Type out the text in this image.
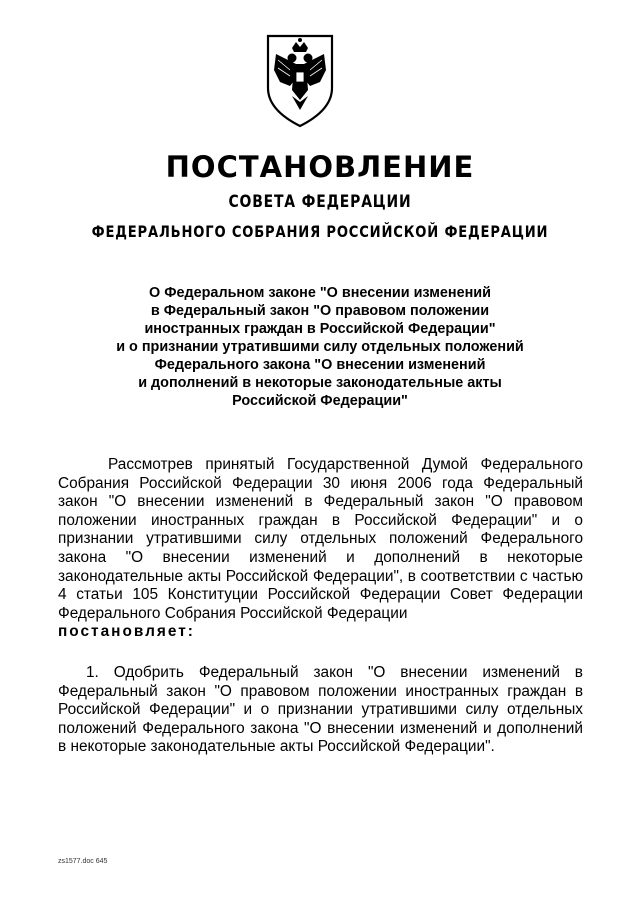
ПОСТАНОВЛЕНИЕ
СОВЕТА ФЕДЕРАЦИИ
ФЕДЕРАЛЬНОГО СОБРАНИЯ РОССИЙСКОЙ ФЕДЕРАЦИИ
О Федеральном законе "О внесении изменений
в Федеральный закон "О правовом положении
иностранных граждан в Российской Федерации"
и о признании утратившими силу отдельных положений
Федерального закона "О внесении изменений
и дополнений в некоторые законодательные акты
Российской Федерации"

Рассмотрев принятый Государственной Думой Федерального Собрания Российской Федерации 30 июня 2006 года Федеральный закон "О внесении изменений в Федеральный закон "О правовом положении иностранных граждан в Российской Федерации" и о признании утратившими силу отдельных положений Федерального закона "О внесении изменений и дополнений в некоторые законодательные акты Российской Федерации", в соответствии с частью 4 статьи 105 Конституции Российской Федерации Совет Федерации Федерального Собрания Российской Федерации
постановляет:

1. Одобрить Федеральный закон "О внесении изменений в Федеральный закон "О правовом положении иностранных граждан в Российской Федерации" и о признании утратившими силу отдельных положений Федерального закона "О внесении изменений и дополнений в некоторые законодательные акты Российской Федерации".

zs1577.doc 645
